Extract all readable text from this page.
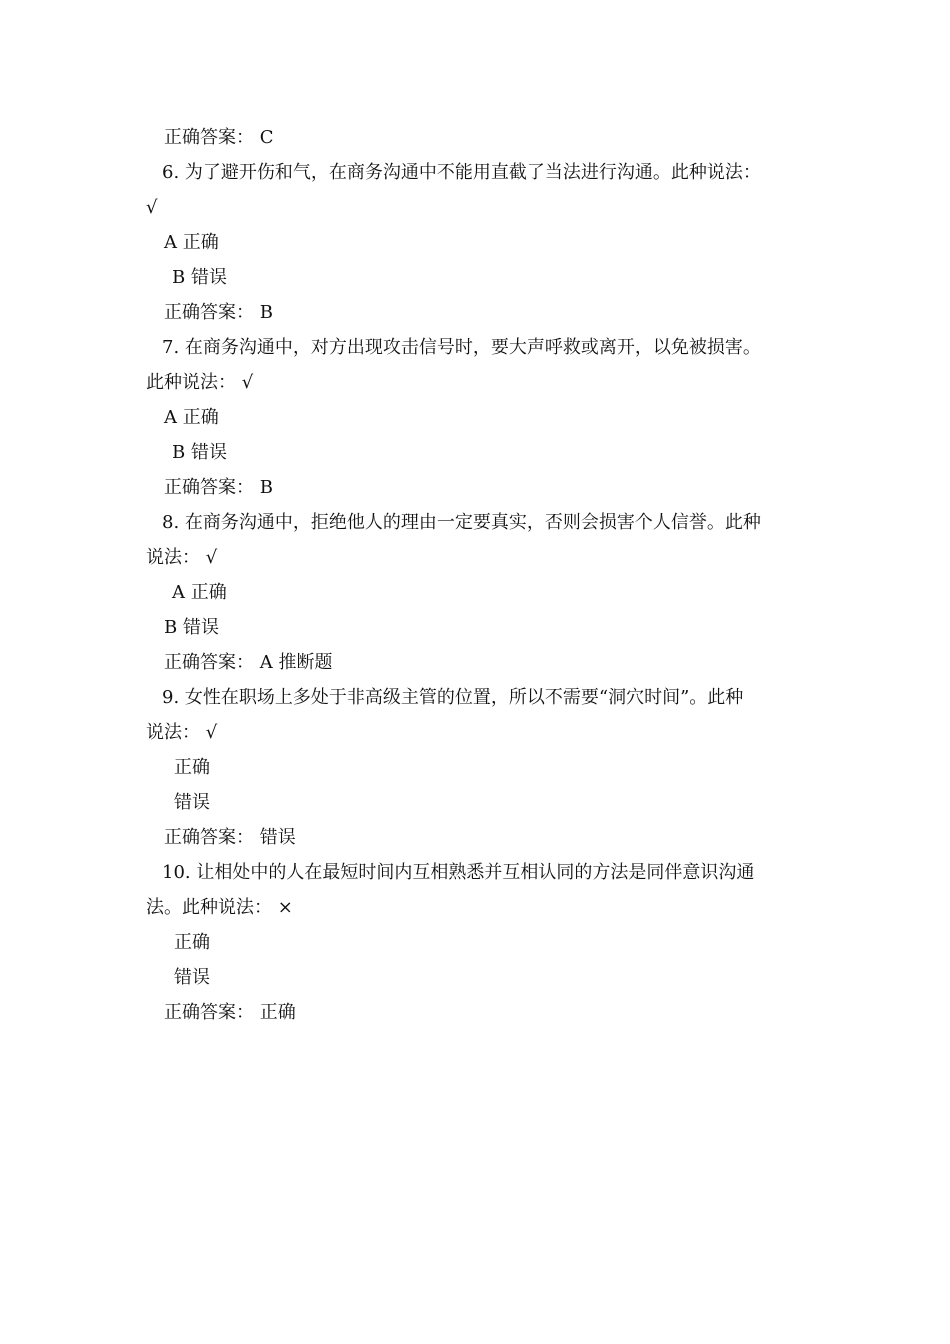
正确答案： C
6. 为了避开伤和气，在商务沟通中不能用直截了当法进行沟通。此种说法：
√
A 正确
B 错误
正确答案： B
7. 在商务沟通中，对方出现攻击信号时，要大声呼救或离开，以免被损害。
此种说法： √
A 正确
B 错误
正确答案： B
8. 在商务沟通中，拒绝他人的理由一定要真实，否则会损害个人信誉。此种
说法： √
A 正确
B 错误
正确答案： A 推断题
9. 女性在职场上多处于非高级主管的位置，所以不需要“洞穴时间”。此种
说法： √
正确
错误
正确答案： 错误
10. 让相处中的人在最短时间内互相熟悉并互相认同的方法是同伴意识沟通
法。此种说法： ×
正确
错误
正确答案： 正确
